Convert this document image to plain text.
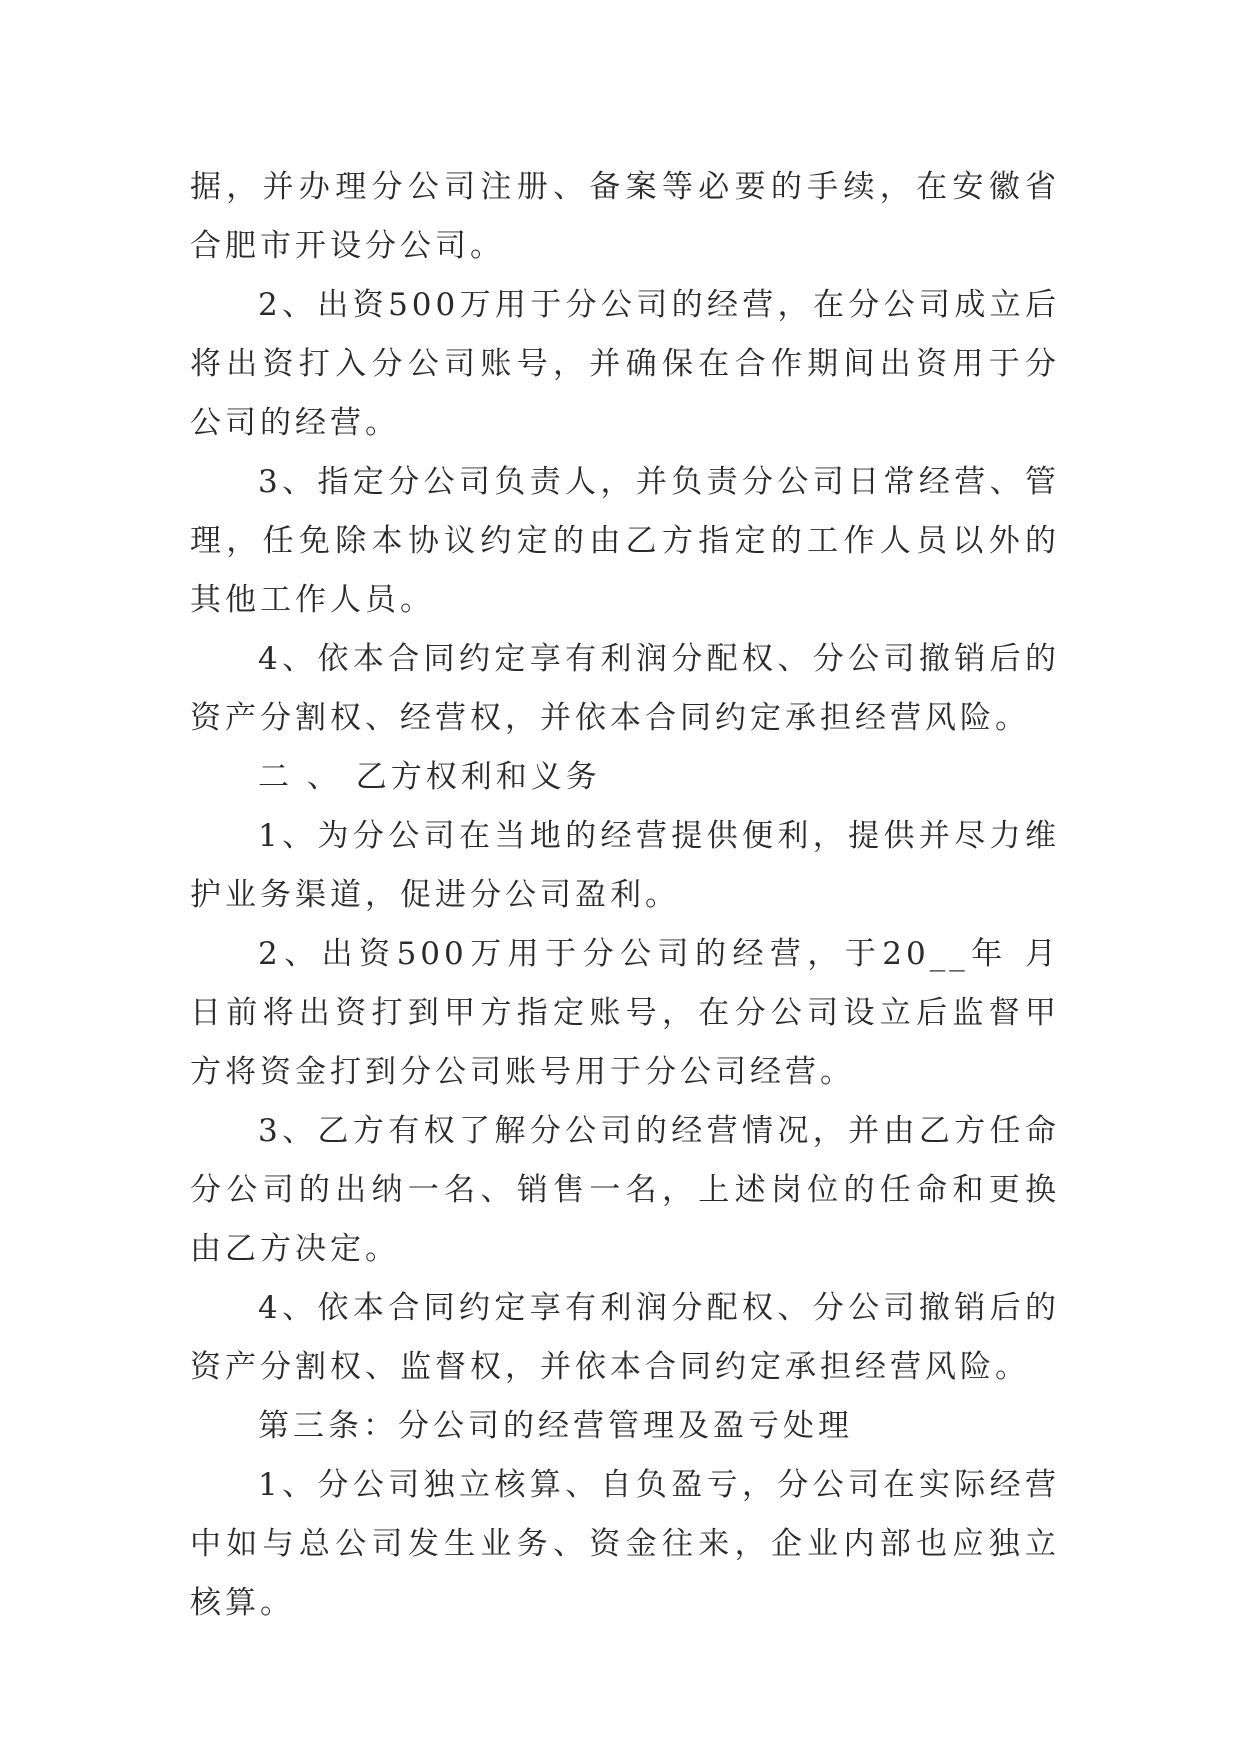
据，并办理分公司注册、备案等必要的手续，在安徽省合肥市开设分公司。

2、出资500万用于分公司的经营，在分公司成立后将出资打入分公司账号，并确保在合作期间出资用于分公司的经营。

3、指定分公司负责人，并负责分公司日常经营、管理，任免除本协议约定的由乙方指定的工作人员以外的其他工作人员。

4、依本合同约定享有利润分配权、分公司撤销后的资产分割权、经营权，并依本合同约定承担经营风险。

二 、 乙方权利和义务

1、为分公司在当地的经营提供便利，提供并尽力维护业务渠道，促进分公司盈利。

2、出资500万用于分公司的经营，于20__年 月 日前将出资打到甲方指定账号，在分公司设立后监督甲方将资金打到分公司账号用于分公司经营。

3、乙方有权了解分公司的经营情况，并由乙方任命分公司的出纳一名、销售一名，上述岗位的任命和更换由乙方决定。

4、依本合同约定享有利润分配权、分公司撤销后的资产分割权、监督权，并依本合同约定承担经营风险。

第三条：分公司的经营管理及盈亏处理

1、分公司独立核算、自负盈亏，分公司在实际经营中如与总公司发生业务、资金往来，企业内部也应独立核算。
